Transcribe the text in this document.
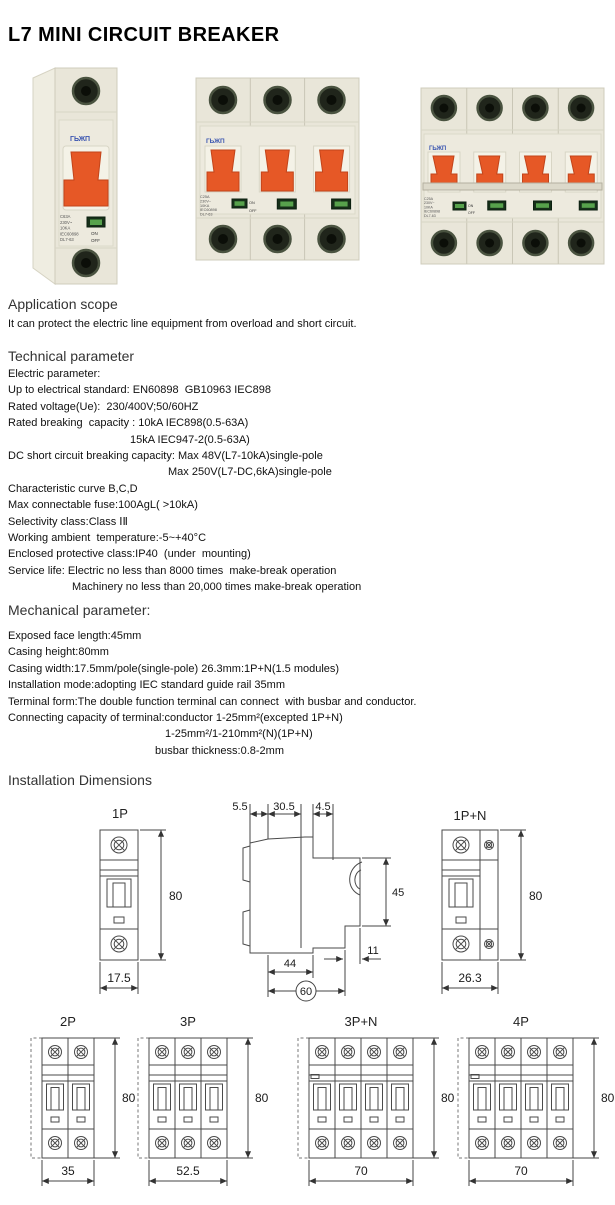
L7 MINI CIRCUIT BREAKER
ГЬЖП
C63A
230V~
10KA
IEC60898
DL7-63
ON
OFF
ГЬЖП
C25A
230V~
10KA
IEC60898
DL7-63
ON
OFF
ГЬЖП
C25A
230V~
10KA
IEC60898
DL7-63
ON
OFF
Application scope
It can protect the electric line equipment from overload and short circuit.
Technical parameter
Electric parameter:
Up to electrical standard: EN60898  GB10963 IEC898
Rated voltage(Ue):  230/400V;50/60HZ
Rated breaking  capacity : 10kA IEC898(0.5-63A)
15kA IEC947-2(0.5-63A)
DC short circuit breaking capacity: Max 48V(L7-10kA)single-pole
Max 250V(L7-DC,6kA)single-pole
Characteristic curve B,C,D
Max connectable fuse:100AgL( >10kA)
Selectivity class:Class ⅠⅡ
Working ambient  temperature:-5~+40°C
Enclosed protective class:IP40  (under  mounting)
Service life: Electric no less than 8000 times  make-break operation
Machinery no less than 20,000 times make-break operation
Mechanical parameter:
Exposed face length:45mm
Casing height:80mm
Casing width:17.5mm/pole(single-pole) 26.3mm:1P+N(1.5 modules)
Installation mode:adopting IEC standard guide rail 35mm
Terminal form:The double function terminal can connect  with busbar and conductor.
Connecting capacity of terminal:conductor 1-25mm²(excepted 1P+N)
1-25mm²/1-210mm²(N)(1P+N)
busbar thickness:0.8-2mm
Installation Dimensions
1P	1P+N
80
17.5
5.5 30.5 4.5
45
11
44
60
80
26.3
2P	3P	3P+N	4P
80
35
80
52.5
80
70
80
70
